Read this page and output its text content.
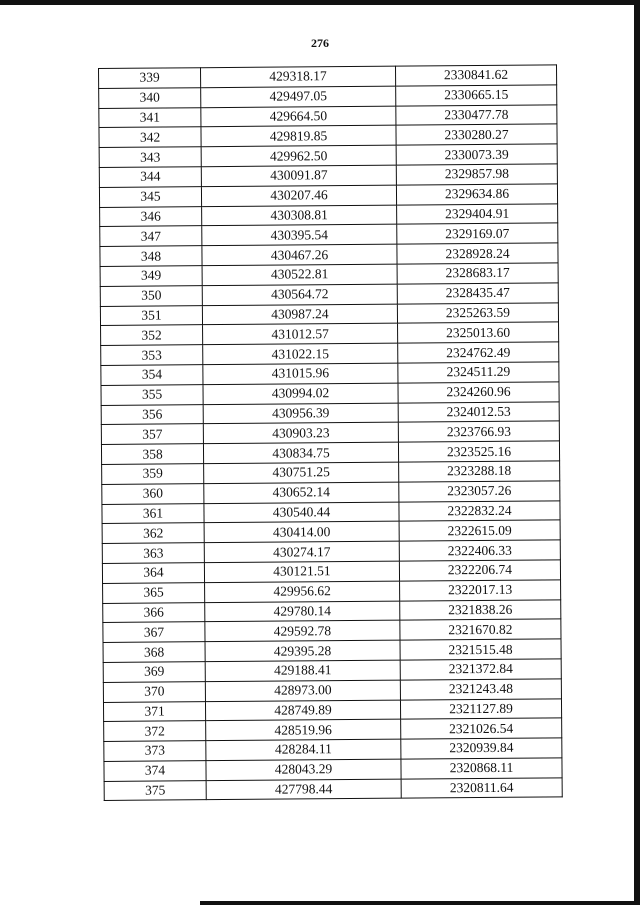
276
339	429318.17	2330841.62
340	429497.05	2330665.15
341	429664.50	2330477.78
342	429819.85	2330280.27
343	429962.50	2330073.39
344	430091.87	2329857.98
345	430207.46	2329634.86
346	430308.81	2329404.91
347	430395.54	2329169.07
348	430467.26	2328928.24
349	430522.81	2328683.17
350	430564.72	2328435.47
351	430987.24	2325263.59
352	431012.57	2325013.60
353	431022.15	2324762.49
354	431015.96	2324511.29
355	430994.02	2324260.96
356	430956.39	2324012.53
357	430903.23	2323766.93
358	430834.75	2323525.16
359	430751.25	2323288.18
360	430652.14	2323057.26
361	430540.44	2322832.24
362	430414.00	2322615.09
363	430274.17	2322406.33
364	430121.51	2322206.74
365	429956.62	2322017.13
366	429780.14	2321838.26
367	429592.78	2321670.82
368	429395.28	2321515.48
369	429188.41	2321372.84
370	428973.00	2321243.48
371	428749.89	2321127.89
372	428519.96	2321026.54
373	428284.11	2320939.84
374	428043.29	2320868.11
375	427798.44	2320811.64
